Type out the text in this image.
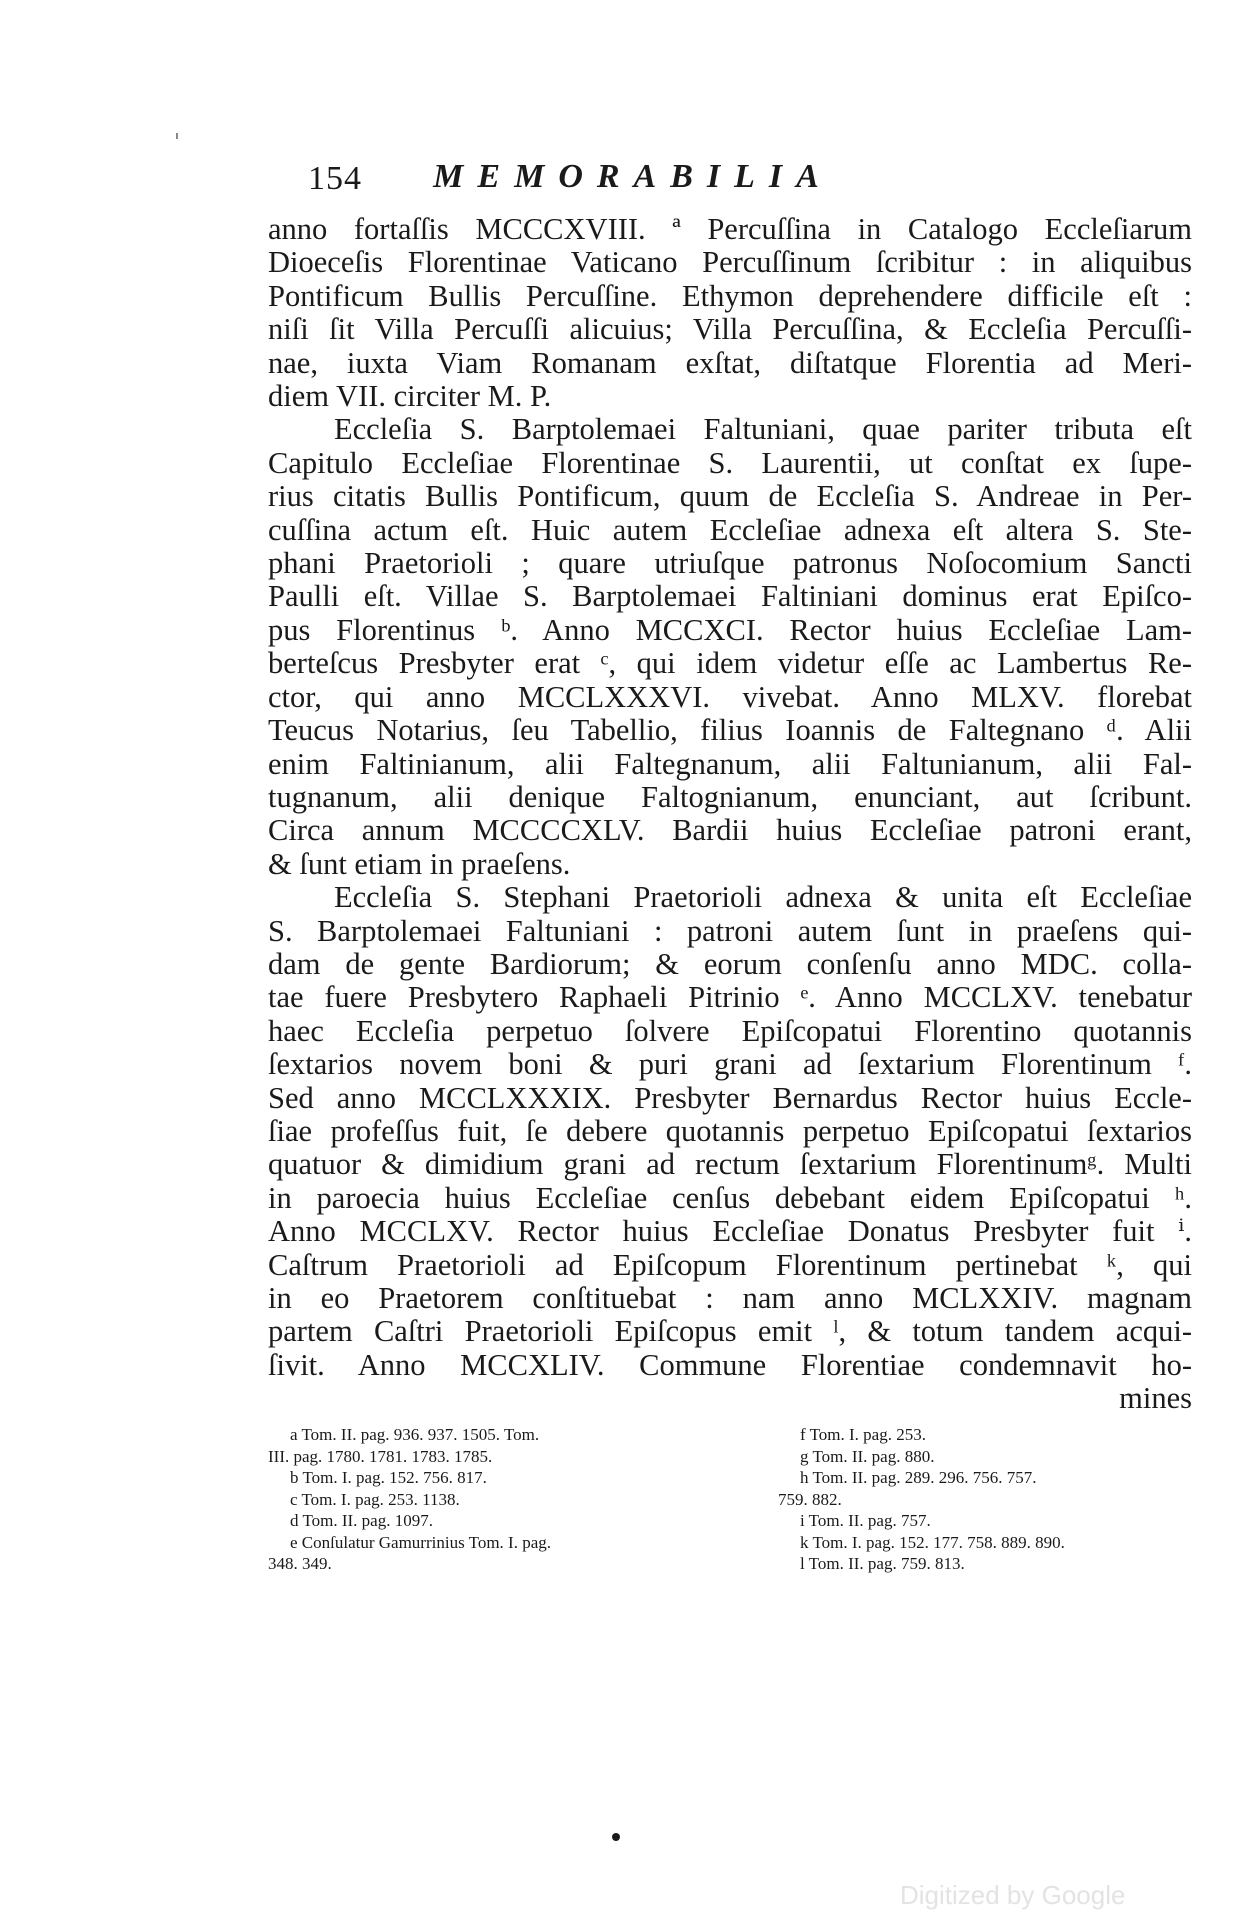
154	MEMORABILIA
anno fortaſſis MCCCXVIII. ª Percuſſina in Catalogo Eccleſiarum
Dioeceſis Florentinae Vaticano Percuſſinum ſcribitur : in aliquibus
Pontificum Bullis Percuſſine. Ethymon deprehendere difficile eſt :
niſi ſit Villa Percuſſi alicuius; Villa Percuſſina, & Eccleſia Percuſſi-
nae, iuxta Viam Romanam exſtat, diſtatque Florentia ad Meri-
diem VII. circiter M. P.
Eccleſia S. Barptolemaei Faltuniani, quae pariter tributa eſt
Capitulo Eccleſiae Florentinae S. Laurentii, ut conſtat ex ſupe-
rius citatis Bullis Pontificum, quum de Eccleſia S. Andreae in Per-
cuſſina actum eſt. Huic autem Eccleſiae adnexa eſt altera S. Ste-
phani Praetorioli ; quare utriuſque patronus Noſocomium Sancti
Paulli eſt. Villae S. Barptolemaei Faltiniani dominus erat Epiſco-
pus Florentinus ᵇ. Anno MCCXCI. Rector huius Eccleſiae Lam-
berteſcus Presbyter erat ᶜ, qui idem videtur eſſe ac Lambertus Re-
ctor, qui anno MCCLXXXVI. vivebat. Anno MLXV. florebat
Teucus Notarius, ſeu Tabellio, filius Ioannis de Faltegnano ᵈ. Alii
enim Faltinianum, alii Faltegnanum, alii Faltunianum, alii Fal-
tugnanum, alii denique Faltognianum, enunciant, aut ſcribunt.
Circa annum MCCCCXLV. Bardii huius Eccleſiae patroni erant,
& ſunt etiam in praeſens.
Eccleſia S. Stephani Praetorioli adnexa & unita eſt Eccleſiae
S. Barptolemaei Faltuniani : patroni autem ſunt in praeſens qui-
dam de gente Bardiorum; & eorum conſenſu anno MDC. colla-
tae fuere Presbytero Raphaeli Pitrinio ᵉ. Anno MCCLXV. tenebatur
haec Eccleſia perpetuo ſolvere Epiſcopatui Florentino quotannis
ſextarios novem boni & puri grani ad ſextarium Florentinum ᶠ.
Sed anno MCCLXXXIX. Presbyter Bernardus Rector huius Eccle-
ſiae profeſſus fuit, ſe debere quotannis perpetuo Epiſcopatui ſextarios
quatuor & dimidium grani ad rectum ſextarium Florentinumᵍ. Multi
in paroecia huius Eccleſiae cenſus debebant eidem Epiſcopatui ʰ.
Anno MCCLXV. Rector huius Eccleſiae Donatus Presbyter fuit ⁱ.
Caſtrum Praetorioli ad Epiſcopum Florentinum pertinebat ᵏ, qui
in eo Praetorem conſtituebat : nam anno MCLXXIV. magnam
partem Caſtri Praetorioli Epiſcopus emit ˡ, & totum tandem acqui-
ſivit. Anno MCCXLIV. Commune Florentiae condemnavit ho-
mines
a Tom. II. pag. 936. 937. 1505. Tom.
III. pag. 1780. 1781. 1783. 1785.
b Tom. I. pag. 152. 756. 817.
c Tom. I. pag. 253. 1138.
d Tom. II. pag. 1097.
e Conſulatur Gamurrinius Tom. I. pag.
348. 349.
f Tom. I. pag. 253.
g Tom. II. pag. 880.
h Tom. II. pag. 289. 296. 756. 757.
759. 882.
i Tom. II. pag. 757.
k Tom. I. pag. 152. 177. 758. 889. 890.
l Tom. II. pag. 759. 813.
Digitized by Google
